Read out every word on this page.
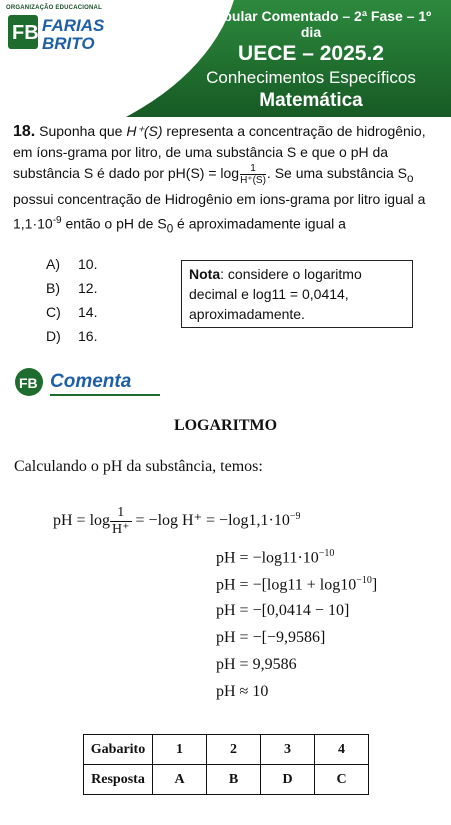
ORGANIZAÇÃO EDUCACIONAL
FB FARIAS
BRITO
Vestibular Comentado – 2ª Fase – 1º dia
UECE – 2025.2
Conhecimentos Específicos
Matemática
18. Suponha que H⁺(S) representa a concentração de hidrogênio, em íons-grama por litro, de uma substância S e que o pH da substância S é dado por $pH(S) = \log \frac{1}{H^+(S)}$ . Se uma substância $S_o$ possui concentração de Hidrogênio em ions-grama por litro igual a $1,1\cdot 10^{-9}$ então o pH de $S_0$ é aproximadamente igual a
A)	10.
B)	12.
C)	14.
D)	16.
Nota: considere o logaritmo decimal e log11 = 0,0414, aproximadamente.
FB Comenta
LOGARITMO
Calculando o pH da substância, temos:
pH = $\log \frac{1}{H^+} = -\log$ $H^+ = -\log 1,1\cdot 10^{-9}$
pH = $-\log 11\cdot 10^{-10}$
pH = $-[\log 11 + \log 10^{-10}]$
pH = −[0,0414 − 10]
pH = −[−9,9586]
pH = 9,9586
pH ≈ 10
Gabarito	1	2	3	4
Resposta	A	B	D	C
